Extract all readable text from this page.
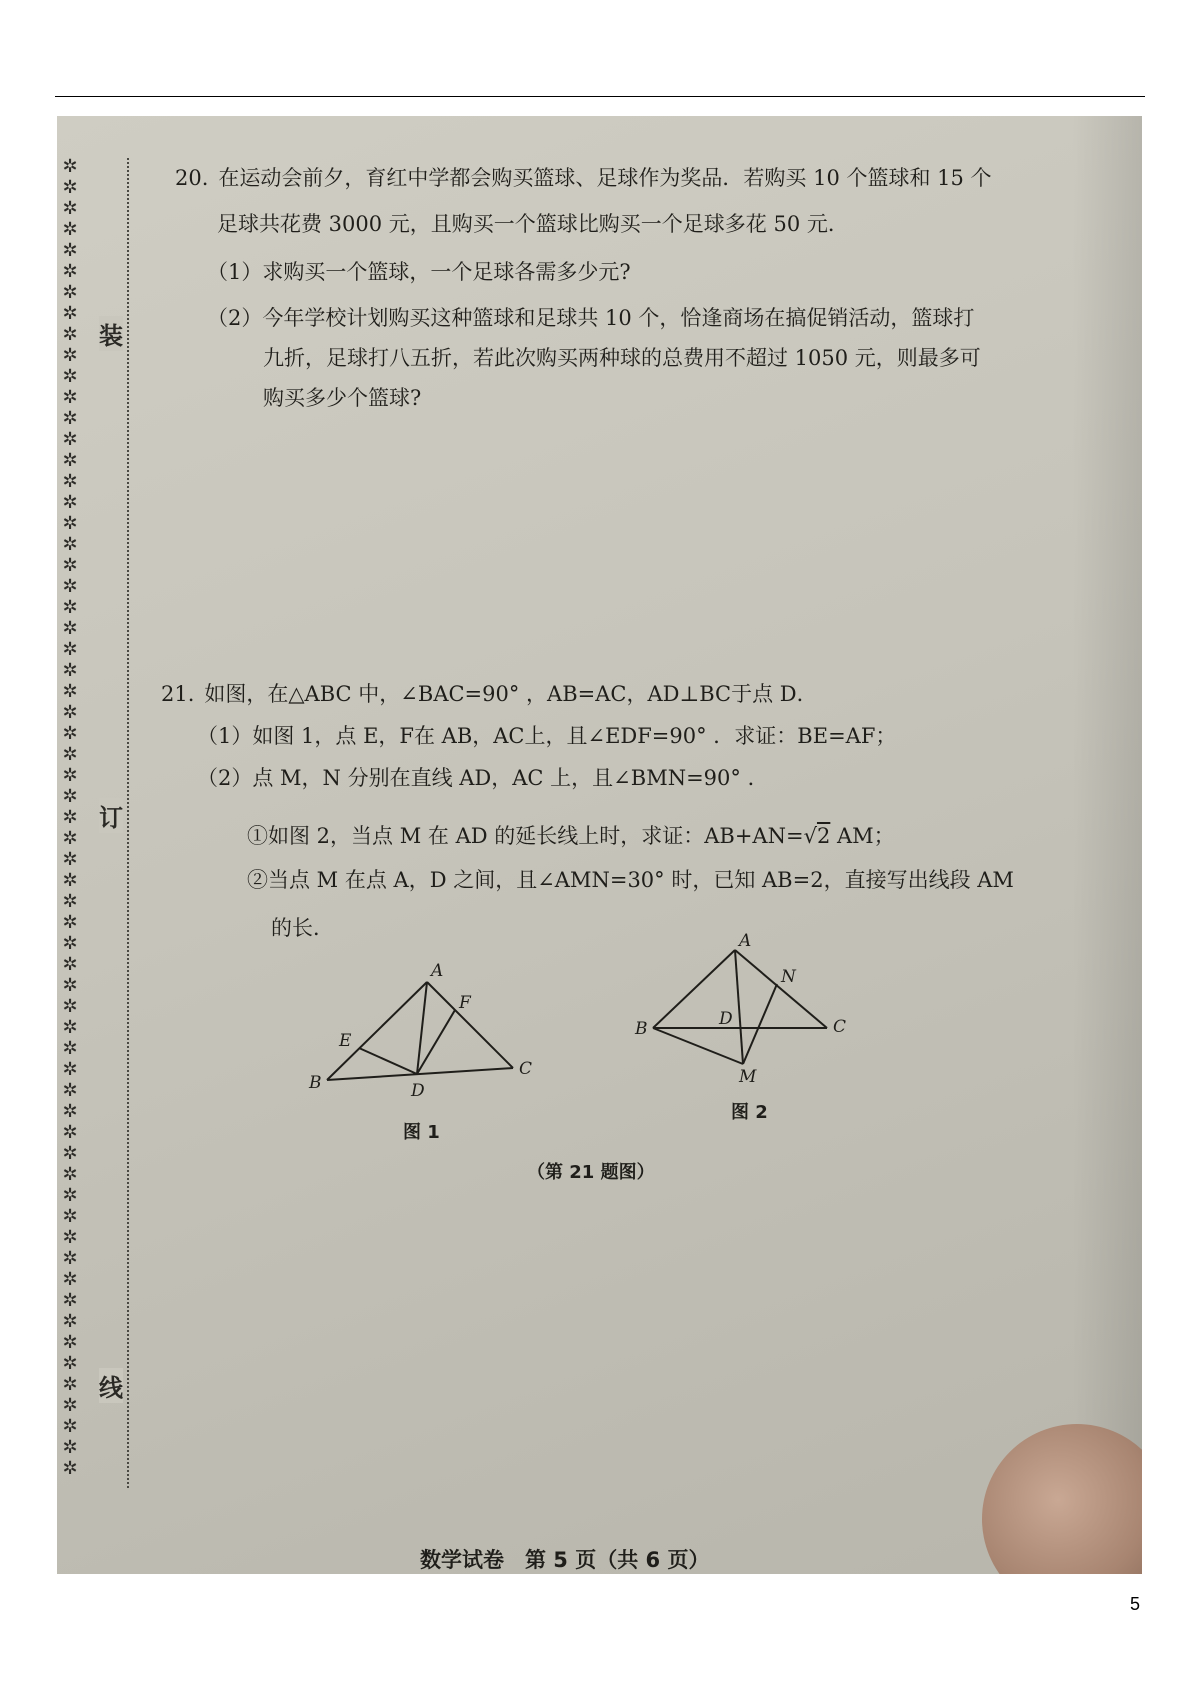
✲
✲
✲
✲
✲
✲
✲
✲
✲
✲
✲
✲
✲
✲
✲
✲
✲
✲
✲
✲
✲
✲
✲
✲
✲
✲
✲
✲
✲
✲
✲
✲
✲
✲
✲
✲
✲
✲
✲
✲
✲
✲
✲
✲
✲
✲
✲
✲
✲
✲
✲
✲
✲
✲
✲
✲
✲
✲
✲
✲
✲
✲
✲
装
订
线
20. 在运动会前夕，育红中学都会购买篮球、足球作为奖品．若购买 10 个篮球和 15 个
足球共花费 3000 元，且购买一个篮球比购买一个足球多花 50 元．
（1）求购买一个篮球，一个足球各需多少元?
（2）今年学校计划购买这种篮球和足球共 10 个，恰逢商场在搞促销活动，篮球打
九折，足球打八五折，若此次购买两种球的总费用不超过 1050 元，则最多可
购买多少个篮球?
21. 如图，在△ABC 中，∠BAC=90° ，AB=AC，AD⊥BC于点 D．
（1）如图 1，点 E，F在 AB，AC上，且∠EDF=90° ．求证：BE=AF；
（2）点 M，N 分别在直线 AD，AC 上，且∠BMN=90° ．
①如图 2，当点 M 在 AD 的延长线上时，求证：AB+AN=√2 AM；
②当点 M 在点 A，D 之间，且∠AMN=30° 时，已知 AB=2，直接写出线段 AM
的长．
A
B
C
D
E
F
图 1
A
B	C
D
M
N
图 2
（第 21 题图）
数学试卷　第 5 页（共 6 页）
5
